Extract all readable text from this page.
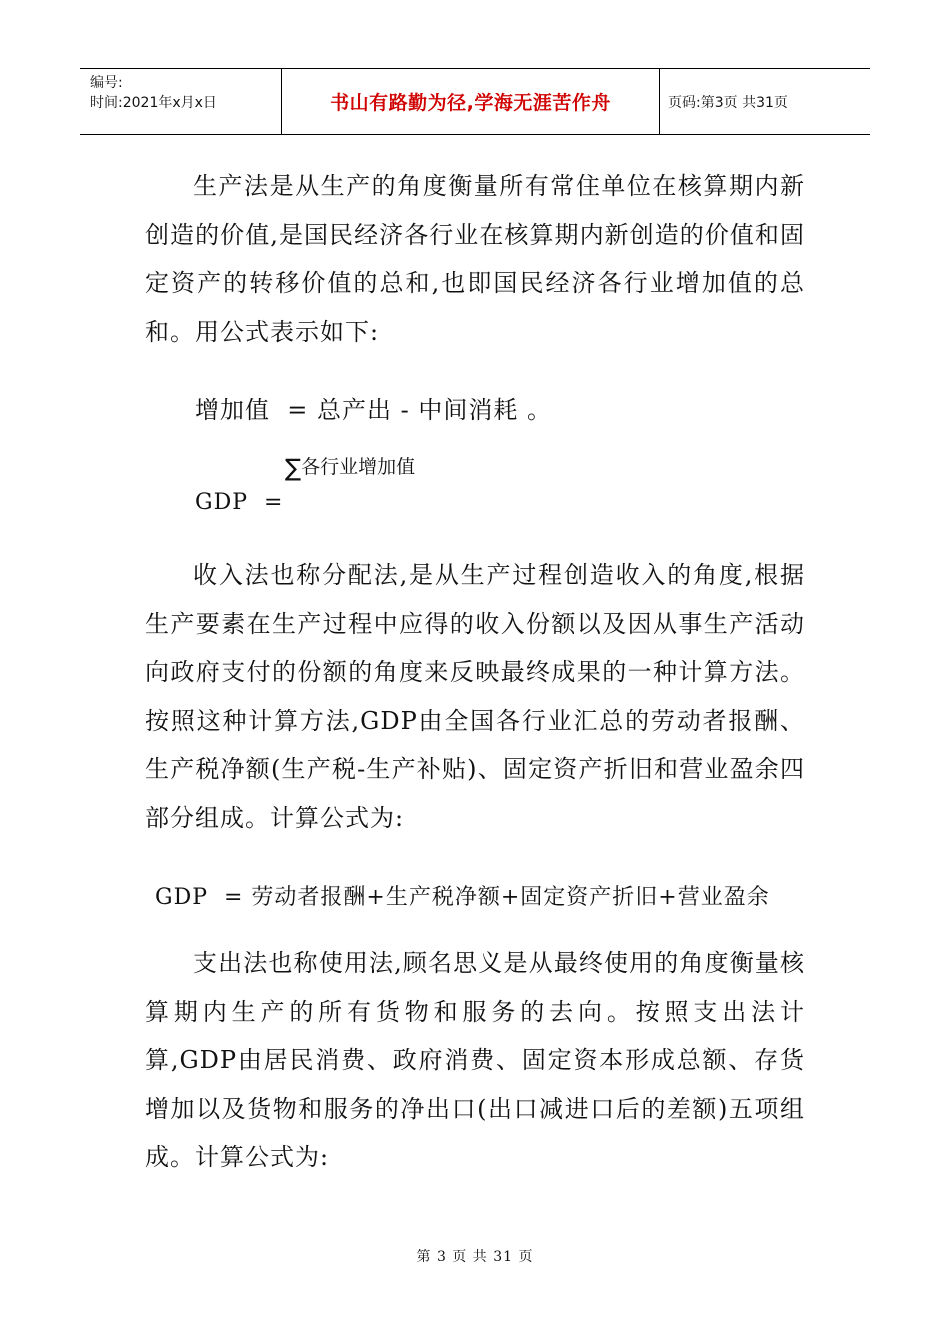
编号:
时间:2021年x月x日	书山有路勤为径,学海无涯苦作舟	页码:第3页 共31页

生产法是从生产的角度衡量所有常住单位在核算期内新创造的价值,是国民经济各行业在核算期内新创造的价值和固定资产的转移价值的总和,也即国民经济各行业增加值的总和。用公式表示如下:

增加值  = 总产出 - 中间消耗 。
∑各行业增加值
GDP  =

收入法也称分配法,是从生产过程创造收入的角度,根据生产要素在生产过程中应得的收入份额以及因从事生产活动向政府支付的份额的角度来反映最终成果的一种计算方法。按照这种计算方法,GDP由全国各行业汇总的劳动者报酬、生产税净额(生产税-生产补贴)、固定资产折旧和营业盈余四部分组成。计算公式为:

GDP  = 劳动者报酬+生产税净额+固定资产折旧+营业盈余

支出法也称使用法,顾名思义是从最终使用的角度衡量核算期内生产的所有货物和服务的去向。按照支出法计算,GDP由居民消费、政府消费、固定资本形成总额、存货增加以及货物和服务的净出口(出口减进口后的差额)五项组成。计算公式为:

第 3 页 共 31 页
